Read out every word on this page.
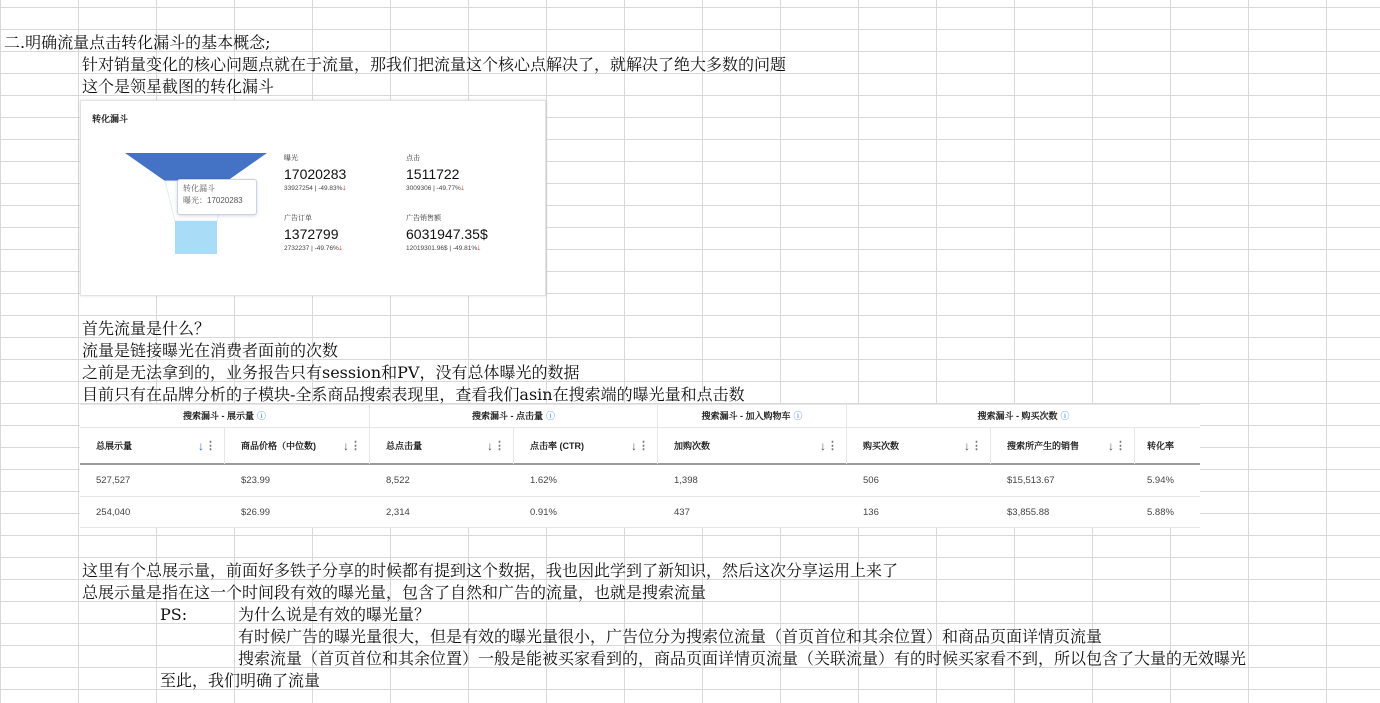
二.明确流量点击转化漏斗的基本概念;
针对销量变化的核心问题点就在于流量，那我们把流量这个核心点解决了，就解决了绝大多数的问题
这个是领星截图的转化漏斗
转化漏斗
转化漏斗
曝光：17020283
曝光
17020283
33927254 | -49.83%🡓
点击
1511722
3009306 | -49.77%🡓
广告订单
1372799
2732237 | -49.76%🡓
广告销售额
6031947.35$
12019301.96$ | -49.81%🡓
首先流量是什么？
流量是链接曝光在消费者面前的次数
之前是无法拿到的，业务报告只有session和PV，没有总体曝光的数据
目前只有在品牌分析的子模块-全系商品搜索表现里，查看我们asin在搜索端的曝光量和点击数
搜索漏斗 - 展示量 ⓘ	搜索漏斗 - 点击量 ⓘ	搜索漏斗 - 加入购物车 ⓘ	搜索漏斗 - 购买次数 ⓘ
总展示量	↓ ⋮	商品价格（中位数)	↓ ⋮	总点击量	↓ ⋮	点击率 (CTR)	↓ ⋮	加购次数	↓ ⋮	购买次数	↓ ⋮	搜索所产生的销售	↓ ⋮ 转化率
527,527	$23.99	8,522	1.62%	1,398	506	$15,513.67	5.94%
254,040	$26.99	2,314	0.91%	437	136	$3,855.88	5.88%
这里有个总展示量，前面好多铁子分享的时候都有提到这个数据，我也因此学到了新知识，然后这次分享运用上来了
总展示量是指在这一个时间段有效的曝光量，包含了自然和广告的流量，也就是搜索流量
PS:	为什么说是有效的曝光量？
有时候广告的曝光量很大，但是有效的曝光量很小，广告位分为搜索位流量（首页首位和其余位置）和商品页面详情页流量
搜索流量（首页首位和其余位置）一般是能被买家看到的，商品页面详情页流量（关联流量）有的时候买家看不到，所以包含了大量的无效曝光
至此，我们明确了流量
